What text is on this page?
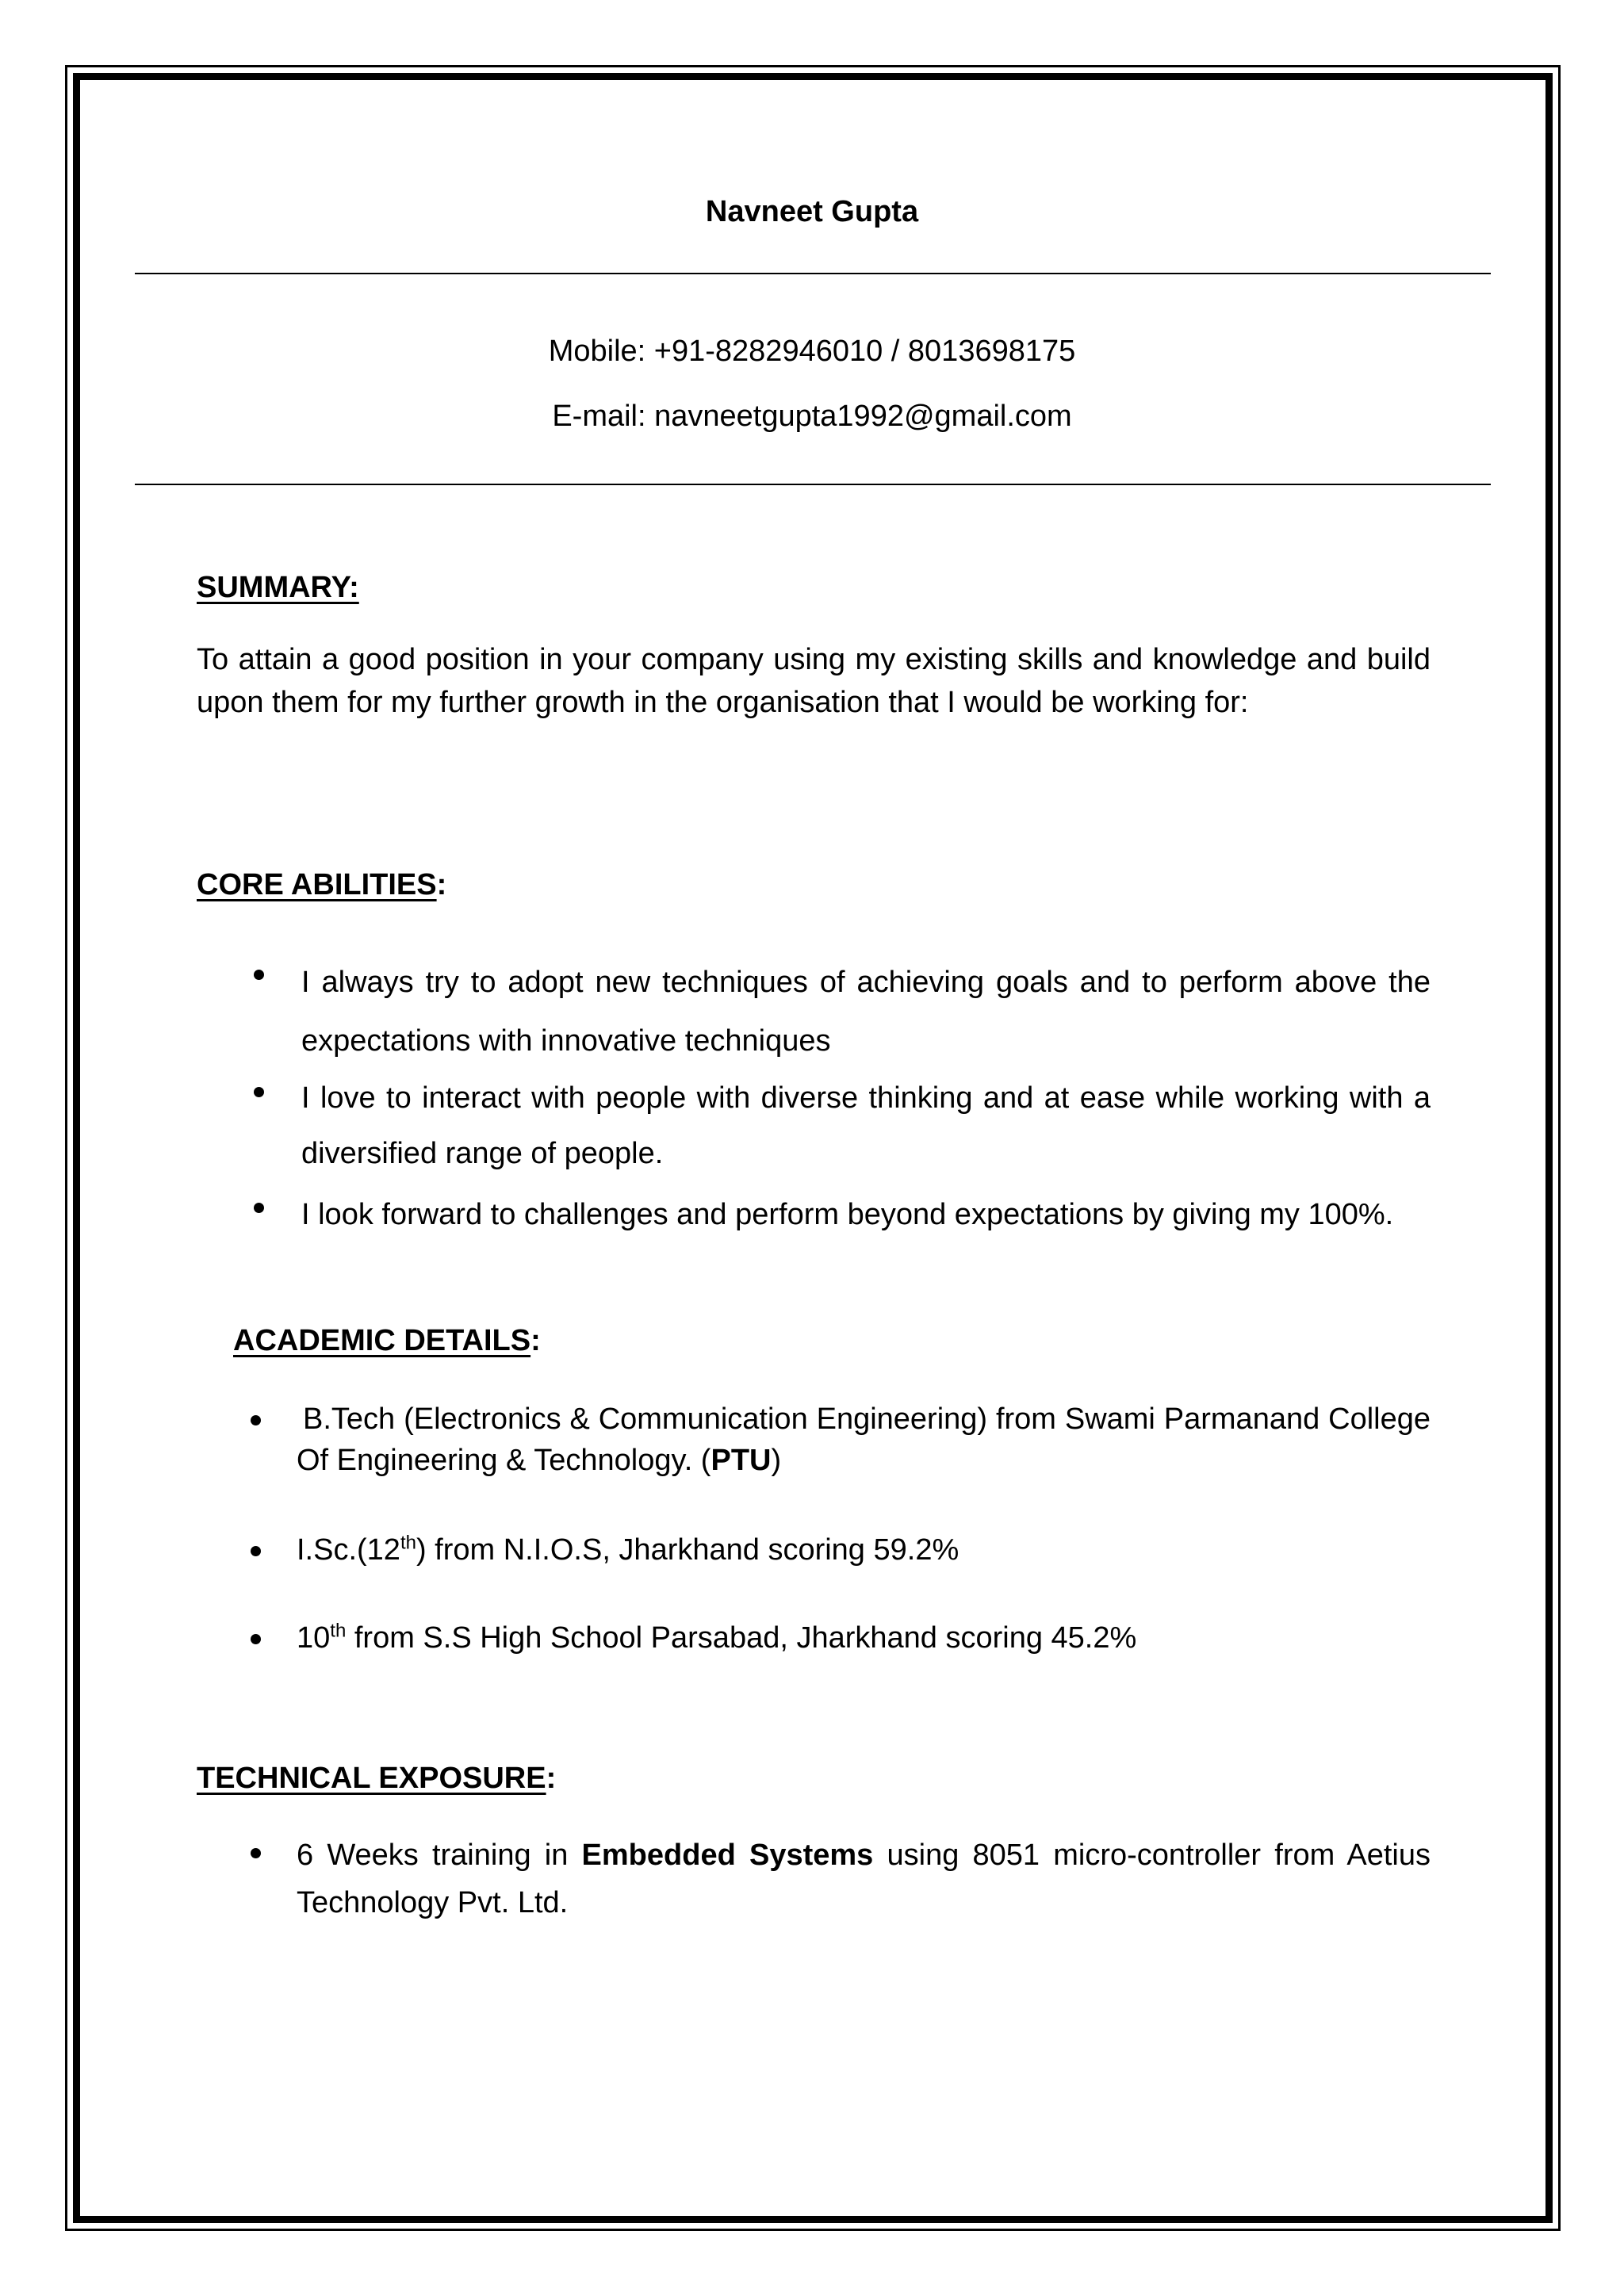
Navneet Gupta
Mobile: +91-8282946010 / 8013698175
E-mail: navneetgupta1992@gmail.com
SUMMARY:

To attain a good position in your company using my existing skills and knowledge and build upon them for my further growth in the organisation that I would be working for:

CORE ABILITIES:

I always try to adopt new techniques of achieving goals and to perform above the expectations with innovative techniques

I love to interact with people with diverse thinking and at ease while working with a diversified range of people.

I look forward to challenges and perform beyond expectations by giving my 100%.

ACADEMIC DETAILS:

B.Tech (Electronics & Communication Engineering) from Swami Parmanand College Of Engineering & Technology. (PTU)

I.Sc.(12th) from N.I.O.S, Jharkhand scoring 59.2%

10th from S.S High School Parsabad, Jharkhand scoring 45.2%

TECHNICAL EXPOSURE:

6 Weeks training in Embedded Systems using 8051 micro-controller from Aetius Technology Pvt. Ltd.
